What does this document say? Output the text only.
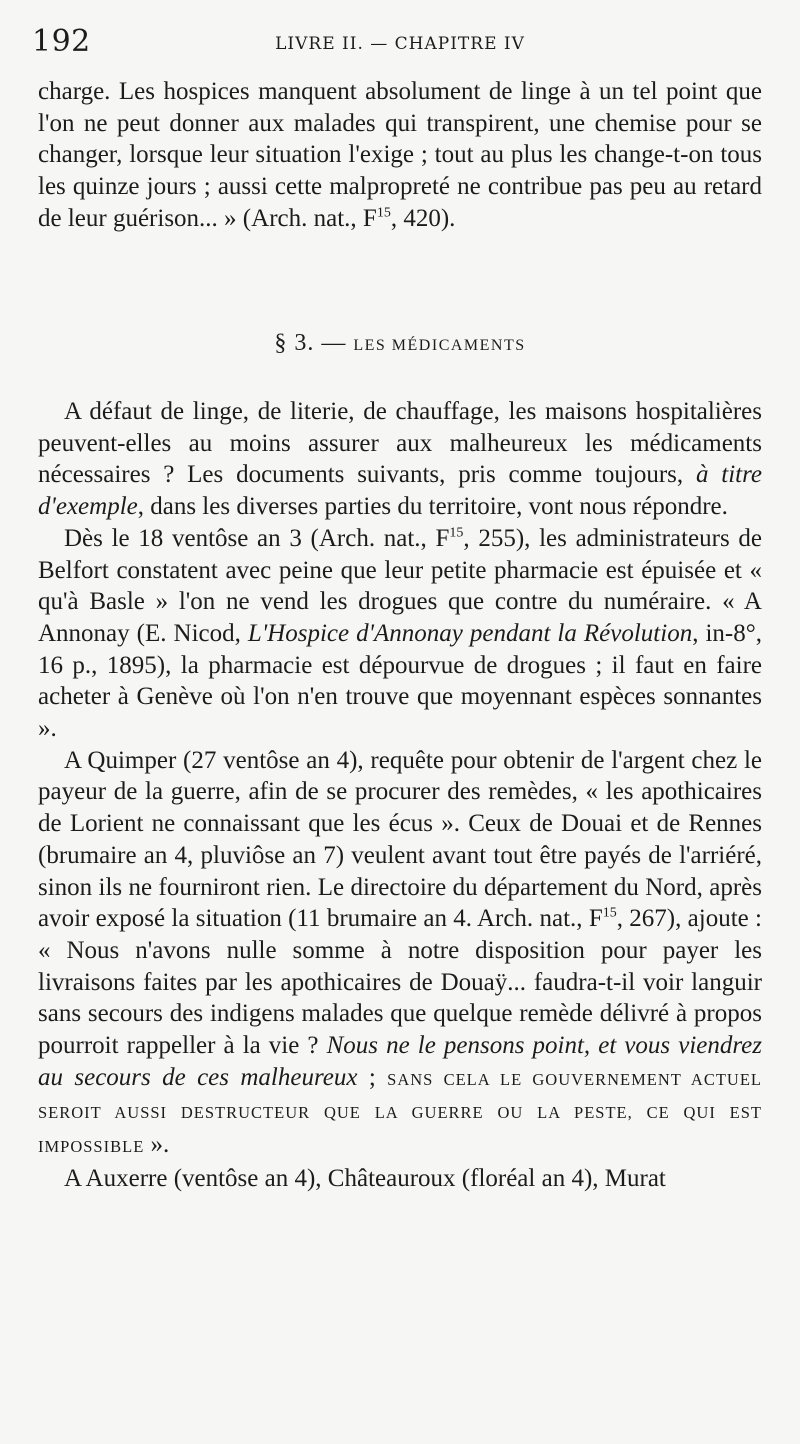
192	LIVRE II. — CHAPITRE IV

charge. Les hospices manquent absolument de linge à un tel point que l'on ne peut donner aux malades qui transpirent, une chemise pour se changer, lorsque leur situation l'exige ; tout au plus les change-t-on tous les quinze jours ; aussi cette malpropreté ne contribue pas peu au retard de leur guérison... » (Arch. nat., $F^{15}$, 420).

§ 3. — LES MÉDICAMENTS

A défaut de linge, de literie, de chauffage, les maisons hospitalières peuvent-elles au moins assurer aux malheureux les médicaments nécessaires ? Les documents suivants, pris comme toujours, à titre d'exemple, dans les diverses parties du territoire, vont nous répondre.

Dès le 18 ventôse an 3 (Arch. nat., $F^{15}$, 255), les administrateurs de Belfort constatent avec peine que leur petite pharmacie est épuisée et « qu'à Basle » l'on ne vend les drogues que contre du numéraire. « A Annonay (E. Nicod, L'Hospice d'Annonay pendant la Révolution, in-8°, 16 p., 1895), la pharmacie est dépourvue de drogues ; il faut en faire acheter à Genève où l'on n'en trouve que moyennant espèces sonnantes ».

A Quimper (27 ventôse an 4), requête pour obtenir de l'argent chez le payeur de la guerre, afin de se procurer des remèdes, « les apothicaires de Lorient ne connaissant que les écus ». Ceux de Douai et de Rennes (brumaire an 4, pluviôse an 7) veulent avant tout être payés de l'arriéré, sinon ils ne fourniront rien. Le directoire du département du Nord, après avoir exposé la situation (11 brumaire an 4. Arch. nat., $F^{15}$, 267), ajoute : « Nous n'avons nulle somme à notre disposition pour payer les livraisons faites par les apothicaires de Douaÿ... faudra-t-il voir languir sans secours des indigens malades que quelque remède délivré à propos pourroit rappeller à la vie ? Nous ne le pensons point, et vous viendrez au secours de ces malheureux ; SANS CELA LE GOUVERNEMENT ACTUEL SEROIT AUSSI DESTRUCTEUR QUE LA GUERRE OU LA PESTE, CE QUI EST IMPOSSIBLE ».

A Auxerre (ventôse an 4), Châteauroux (floréal an 4), Murat
